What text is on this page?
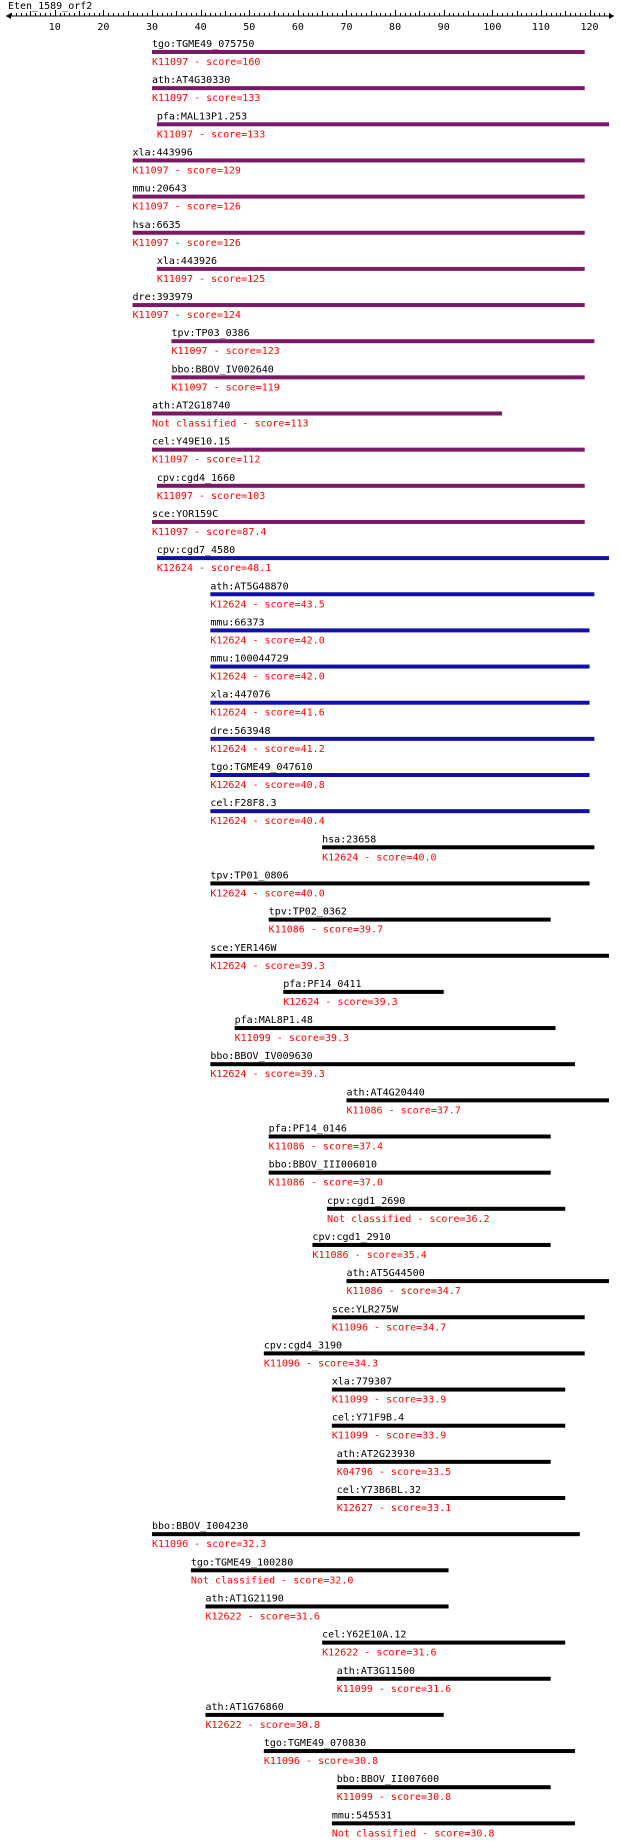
Eten_1589_orf2
10	20	30	40	50	60	70	80	90	100	110	120
tgo:TGME49_075750
K11097 - score=160
ath:AT4G30330
K11097 - score=133
pfa:MAL13P1.253
K11097 - score=133
xla:443996
K11097 - score=129
mmu:20643
K11097 - score=126
hsa:6635
K11097 - score=126
xla:443926
K11097 - score=125
dre:393979
K11097 - score=124
tpv:TP03_0386
K11097 - score=123
bbo:BBOV_IV002640
K11097 - score=119
ath:AT2G18740
Not classified - score=113
cel:Y49E10.15
K11097 - score=112
cpv:cgd4_1660
K11097 - score=103
sce:YOR159C
K11097 - score=87.4
cpv:cgd7_4580
K12624 - score=48.1
ath:AT5G48870
K12624 - score=43.5
mmu:66373
K12624 - score=42.0
mmu:100044729
K12624 - score=42.0
xla:447076
K12624 - score=41.6
dre:563948
K12624 - score=41.2
tgo:TGME49_047610
K12624 - score=40.8
cel:F28F8.3
K12624 - score=40.4
hsa:23658
K12624 - score=40.0
tpv:TP01_0806
K12624 - score=40.0
tpv:TP02_0362
K11086 - score=39.7
sce:YER146W
K12624 - score=39.3
pfa:PF14_0411
K12624 - score=39.3
pfa:MAL8P1.48
K11099 - score=39.3
bbo:BBOV_IV009630
K12624 - score=39.3
ath:AT4G20440
K11086 - score=37.7
pfa:PF14_0146
K11086 - score=37.4
bbo:BBOV_III006010
K11086 - score=37.0
cpv:cgd1_2690
Not classified - score=36.2
cpv:cgd1_2910
K11086 - score=35.4
ath:AT5G44500
K11086 - score=34.7
sce:YLR275W
K11096 - score=34.7
cpv:cgd4_3190
K11096 - score=34.3
xla:779307
K11099 - score=33.9
cel:Y71F9B.4
K11099 - score=33.9
ath:AT2G23930
K04796 - score=33.5
cel:Y73B6BL.32
K12627 - score=33.1
bbo:BBOV_I004230
K11096 - score=32.3
tgo:TGME49_100280
Not classified - score=32.0
ath:AT1G21190
K12622 - score=31.6
cel:Y62E10A.12
K12622 - score=31.6
ath:AT3G11500
K11099 - score=31.6
ath:AT1G76860
K12622 - score=30.8
tgo:TGME49_070830
K11096 - score=30.8
bbo:BBOV_II007600
K11099 - score=30.8
mmu:545531
Not classified - score=30.8
